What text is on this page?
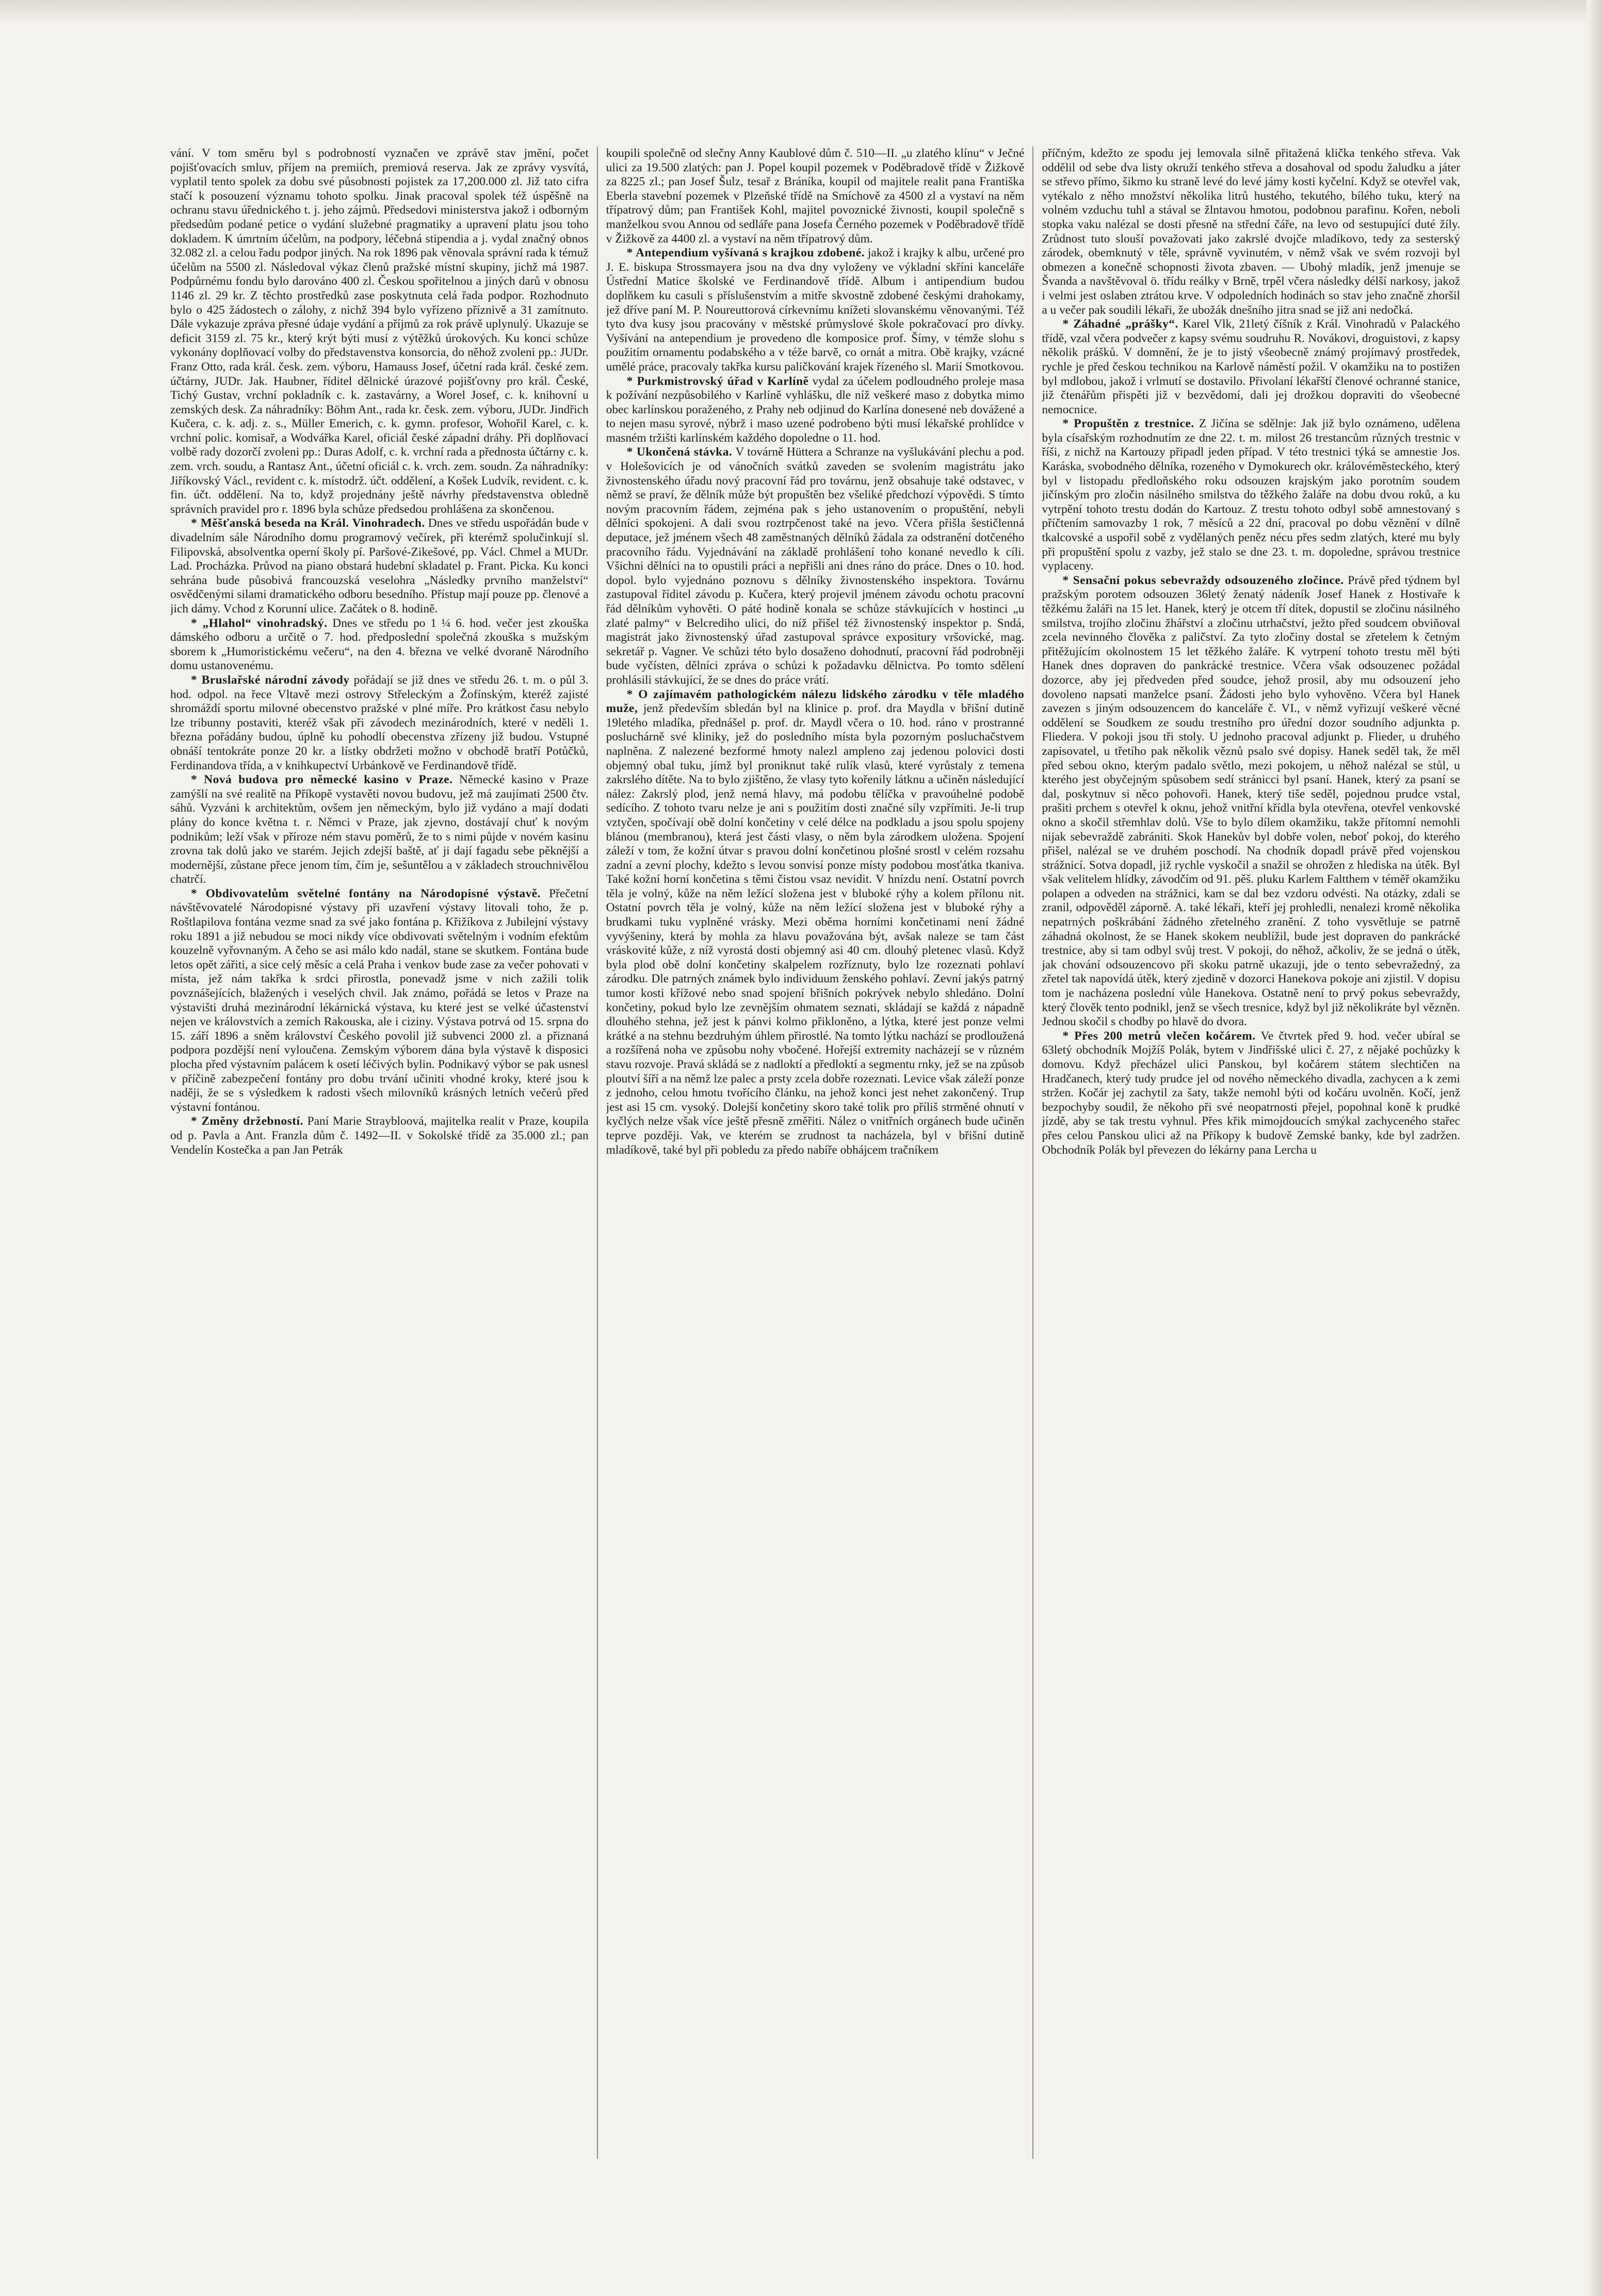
vání. V tom směru byl s podrobností vyznačen ve zprávě stav jmění, počet pojišťovacích smluv, příjem na premiích, premiová reserva. Jak ze zprávy vysvítá, vyplatil tento spolek za dobu své působnosti pojistek za 17,200.000 zl. Již tato cifra stačí k posouzení významu tohoto spolku. Jinak pracoval spolek též úspěšně na ochranu stavu úřednického t. j. jeho zájmů. Předsedovi ministerstva jakož i odborným předsedům podané petice o vydání služebné pragmatiky a upravení platu jsou toho dokladem. K úmrtním účelům, na podpory, léčebná stipendia a j. vydal značný obnos 32.082 zl. a celou řadu podpor jiných. Na rok 1896 pak věnovala správní rada k témuž účelům na 5500 zl. Následoval výkaz členů pražské místní skupiny, jichž má 1987. Podpůrnému fondu bylo darováno 400 zl. Českou spořitelnou a jiných darů v obnosu 1146 zl. 29 kr. Z těchto prostředků zase poskytnuta celá řada podpor. Rozhodnuto bylo o 425 žádostech o zálohy, z nichž 394 bylo vyřízeno příznivě a 31 zamítnuto. Dále vykazuje zpráva přesné údaje vydání a příjmů za rok právě uplynulý. Ukazuje se deficit 3159 zl. 75 kr., který krýt býti musí z výtěžků úrokových. Ku konci schůze vykonány doplňovací volby do představenstva konsorcia, do něhož zvoleni pp.: JUDr. Franz Otto, rada král. česk. zem. výboru, Hamauss Josef, účetní rada král. české zem. účtárny, JUDr. Jak. Haubner, říditel dělnické úrazové pojišťovny pro král. České, Tichý Gustav, vrchní pokladník c. k. zastavárny, a Worel Josef, c. k. knihovní u zemských desk. Za náhradníky: Böhm Ant., rada kr. česk. zem. výboru, JUDr. Jindřich Kučera, c. k. adj. z. s., Müller Emerich, c. k. gymn. profesor, Wohořil Karel, c. k. vrchní polic. komisař, a Wodvářka Karel, oficiál české západní dráhy. Při doplňovací volbě rady dozorčí zvoleni pp.: Duras Adolf, c. k. vrchní rada a přednosta účtárny c. k. zem. vrch. soudu, a Rantasz Ant., účetní oficiál c. k. vrch. zem. soudn. Za náhradníky: Jiříkovský Václ., revident c. k. místodrž. účt. oddělení, a Košek Ludvík, revident. c. k. fin. účt. oddělení. Na to, když projednány ještě návrhy představenstva obledně správních pravidel pro r. 1896 byla schůze předsedou prohlášena za skončenou.

* Měšťanská beseda na Král. Vinohradech. Dnes ve středu uspořádán bude v divadelním sále Národního domu programový večírek, při kterémž spolučinkují sl. Filipovská, absolventka operní školy pí. Paršové-Zikešové, pp. Václ. Chmel a MUDr. Lad. Procházka. Průvod na piano obstará hudební skladatel p. Frant. Picka. Ku konci sehrána bude působivá francouzská veselohra „Následky prvního manželství“ osvědčenými silami dramatického odboru besedního. Přístup mají pouze pp. členové a jich dámy. Vchod z Korunní ulice. Začátek o 8. hodině.

* „Hlahol“ vinohradský. Dnes ve středu po 1 ¼ 6. hod. večer jest zkouška dámského odboru a určitě o 7. hod. předposlední společná zkouška s mužským sborem k „Humoristickému večeru“, na den 4. března ve velké dvoraně Národního domu ustanovenému.

* Bruslařské národní závody pořádají se již dnes ve středu 26. t. m. o půl 3. hod. odpol. na řece Vltavě mezi ostrovy Střeleckým a Žofínským, kteréž zajisté shromáždí sportu milovné obecenstvo pražské v plné míře. Pro krátkost času nebylo lze tribunny postaviti, kteréž však při závodech mezinárodních, které v neděli 1. března pořádány budou, úplně ku pohodlí obecenstva zřízeny již budou. Vstupné obnáší tentokráte ponze 20 kr. a lístky obdržeti možno v obchodě bratří Potůčků, Ferdinandova třída, a v knihkupectví Urbánkově ve Ferdinandově třídě.

* Nová budova pro německé kasino v Praze. Německé kasino v Praze zamýšlí na své realitě na Příkopě vystavěti novou budovu, jež má zaujímati 2500 čtv. sáhů. Vyzváni k architektům, ovšem jen německým, bylo již vydáno a mají dodati plány do konce května t. r. Němci v Praze, jak zjevno, dostávají chuť k novým podnikům; leží však v příroze ném stavu poměrů, že to s nimi půjde v novém kasinu zrovna tak dolů jako ve starém. Jejich zdejší baště, ať ji dají fagadu sebe pěknější a modernější, zůstane přece jenom tím, čím je, sešuntělou a v základech strouchnivělou chatrčí.

* Obdivovatelům světelné fontány na Národopisné výstavě. Přečetní návštěvovatelé Národopisné výstavy při uzavření výstavy litovali toho, že p. Roštlapilova fontána vezme snad za své jako fontána p. Křižíkova z Jubilejní výstavy roku 1891 a již nebudou se moci nikdy více obdivovati světelným i vodním efektům kouzelně vyřovnaným. A čeho se asi málo kdo nadál, stane se skutkem. Fontána bude letos opět zářiti, a sice celý měsíc a celá Praha i venkov bude zase za večer pohovati v místa, jež nám takřka k srdci přirostla, ponevadž jsme v nich zažili tolik povznášejících, blažených i veselých chvil. Jak známo, pořádá se letos v Praze na výstavišti druhá mezinárodní lékárnická výstava, ku které jest se velké účastenství nejen ve královstvích a zemích Rakouska, ale i ciziny. Výstava potrvá od 15. srpna do 15. září 1896 a sněm království Českého povolil již subvenci 2000 zl. a přiznaná podpora pozdější není vyloučena. Zemským výborem dána byla výstavě k disposici plocha před výstavním palácem k osetí léčivých bylin. Podnikavý výbor se pak usnesl v příčině zabezpečení fontány pro dobu trvání učiniti vhodné kroky, které jsou k naději, že se s výsledkem k radosti všech milovníků krásných letních večerů před výstavní fontánou.

* Změny držebností. Paní Marie Straybloová, majitelka realit v Praze, koupila od p. Pavla a Ant. Franzla dům č. 1492—II. v Sokolské třídě za 35.000 zl.; pan Vendelín Kostečka a pan Jan Petrák

koupili společně od slečny Anny Kaublové dům č. 510—II. „u zlatého klínu“ v Ječné ulici za 19.500 zlatých: pan J. Popel koupil pozemek v Poděbradově třídě v Žižkově za 8225 zl.; pan Josef Šulz, tesař z Bráníka, koupil od majitele realit pana Františka Eberla stavební pozemek v Plzeňské třídě na Smíchově za 4500 zl a vystaví na něm třípatrový dům; pan František Kohl, majitel povoznické živnosti, koupil společně s manželkou svou Annou od sedláře pana Josefa Černého pozemek v Poděbradově třídě v Žižkově za 4400 zl. a vystaví na něm třípatrový dům.

* Antependium vyšívaná s krajkou zdobené. jakož i krajky k albu, určené pro J. E. biskupa Strossmayera jsou na dva dny vyloženy ve výkladní skříni kanceláře Ústřední Matice školské ve Ferdinandově třídě. Album i antipendium budou doplňkem ku casuli s příslušenstvím a mitře skvostně zdobené českými drahokamy, jež dříve paní M. P. Noureuttorová církevnímu knížeti slovanskému věnovanými. Též tyto dva kusy jsou pracovány v městské průmyslové škole pokračovací pro dívky. Vyšívání na antependium je provedeno dle komposice prof. Šímy, v témže slohu s použitím ornamentu podabského a v téže barvě, co ornát a mitra. Obě krajky, vzácné umělé práce, pracovaly takřka kursu paličkování krajek řízeného sl. Marií Smotkovou.

* Purkmistrovský úřad v Karlíně vydal za účelem podloudného proleje masa k požívání nezpůsobilého v Karlíně vyhlášku, dle níž veškeré maso z dobytka mimo obec karlínskou poraženého, z Prahy neb odjinud do Karlína donesené neb dovážené a to nejen masu syrové, nýbrž i maso uzené podrobeno býti musí lékařské prohlídce v masném tržišti karlínském každého dopoledne o 11. hod.

* Ukončená stávka. V továrně Hüttera a Schranze na vyšlukávání plechu a pod. v Holešovicích je od vánočních svátků zaveden se svolením magistrátu jako živnostenského úřadu nový pracovní řád pro továrnu, jenž obsahuje také odstavec, v němž se praví, že dělník může být propuštěn bez všeliké předchozí výpovědi. S tímto novým pracovním řádem, zejména pak s jeho ustanovením o propuštění, nebyli dělníci spokojeni. A dali svou roztrpčenost také na jevo. Včera přišla šestičlenná deputace, jež jménem všech 48 zaměstnaných dělníků žádala za odstranění dotčeného pracovního řádu. Vyjednávání na základě prohlášení toho konané nevedlo k cíli. Všichni dělníci na to opustili práci a nepřišli ani dnes ráno do práce. Dnes o 10. hod. dopol. bylo vyjednáno poznovu s dělníky živnostenského inspektora. Továrnu zastupoval říditel závodu p. Kučera, který projevil jménem závodu ochotu pracovní řád dělníkům vyhověti. O páté hodině konala se schůze stávkujících v hostinci „u zlaté palmy“ v Belcrediho ulici, do níž přišel též živnostenský inspektor p. Sndá, magistrát jako živnostenský úřad zastupoval správce expositury vršovické, mag. sekretář p. Vagner. Ve schůzi této bylo dosaženo dohodnutí, pracovní řád podrobněji bude vyčísten, dělníci zpráva o schůzi k požadavku dělnictva. Po tomto sdělení prohlásili stávkující, že se dnes do práce vrátí.

* O zajímavém pathologickém nálezu lidského zárodku v těle mladého muže, jenž především sbledán byl na klinice p. prof. dra Maydla v břišní dutině 19letého mladíka, přednášel p. prof. dr. Maydl včera o 10. hod. ráno v prostranné posluchárně své kliniky, jež do posledního místa byla pozorným posluchačstvem naplněna. Z nalezené bezformé hmoty nalezl ampleno zaj jedenou polovici dosti objemný obal tuku, jímž byl proniknut také rulík vlasů, které vyrůstaly z temena zakrslého dítěte. Na to bylo zjištěno, že vlasy tyto kořenily látknu a učiněn následující nález: Zakrslý plod, jenž nemá hlavy, má podobu tělíčka v pravoúhelné podobě sedícího. Z tohoto tvaru nelze je ani s použitím dosti značné síly vzpřímiti. Je-li trup vztyčen, spočívají obě dolní končetiny v celé délce na podkladu a jsou spolu spojeny blánou (membranou), která jest části vlasy, o něm byla zárodkem uložena. Spojení záleží v tom, že kožní útvar s pravou dolní končetinou plošné srostl v celém rozsahu zadní a zevní plochy, kdežto s levou sonvisí ponze místy podobou mosťátka tkaniva. Také kožní horní končetina s těmi čistou vsaz nevidit. V hnízdu není. Ostatní povrch těla je volný, kůže na něm ležící složena jest v bluboké rýhy a kolem přílonu nit. Ostatní povrch těla je volný, kůže na něm ležící složena jest v bluboké rýhy a brudkami tuku vyplněné vrásky. Mezi oběma horními končetinami není žádné vyvýšeniny, která by mohla za hlavu považována být, avšak naleze se tam část vráskovité kůže, z níž vyrostá dosti objemný asi 40 cm. dlouhý pletenec vlasů. Když byla plod obě dolní končetiny skalpelem rozříznuty, bylo lze rozeznati pohlaví zárodku. Dle patrných známek bylo individuum ženského pohlaví. Zevní jakýs patrný tumor kosti křížové nebo snad spojení břišních pokrývek nebylo shledáno. Dolní končetiny, pokud bylo lze zevnějším ohmatem seznati, skládají se každá z nápadně dlouhého stehna, jež jest k pánvi kolmo přikloněno, a lýtka, které jest ponze velmi krátké a na stehnu bezdruhým úhlem přirostlé. Na tomto lýtku nachází se prodloužená a rozšířená noha ve způsobu nohy vbočené. Hořejší extremity nacházejí se v různém stavu rozvoje. Pravá skládá se z nadloktí a předloktí a segmentu rnky, jež se na způsob ploutví šíří a na němž lze palec a prsty zcela dobře rozeznati. Levice však záleží ponze z jednoho, celou hmotu tvořícího článku, na jehož konci jest nehet zakončený. Trup jest asi 15 cm. vysoký. Dolejší končetiny skoro také tolik pro příliš strměné ohnutí v kyčlých nelze však více ještě přesně změřiti. Nález o vnitřních orgánech bude učiněn teprve později. Vak, ve kterém se zrudnost ta nacházela, byl v břišní dutině mladíkově, také byl při pobledu za předo nabíře obhájcem tračníkem

příčným, kdežto ze spodu jej lemovala silně přitažená klička tenkého střeva. Vak oddělil od sebe dva listy okruží tenkého střeva a dosahoval od spodu žaludku a játer se střevo přímo, šikmo ku straně levé do levé jámy kosti kyčelní. Když se otevřel vak, vytékalo z něho množství několika litrů hustého, tekutého, bílého tuku, který na volném vzduchu tuhl a stával se žlntavou hmotou, podobnou parafinu. Kořen, neboli stopka vaku nalézal se dosti přesně na střední čáře, na levo od sestupující duté žíly. Zrůdnost tuto slouší považovati jako zakrslé dvojče mladíkovo, tedy za sesterský zárodek, obemknutý v těle, správně vyvinutém, v němž však ve svém rozvoji byl obmezen a konečně schopnosti života zbaven. — Ubohý mladík, jenž jmenuje se Švanda a navštěvoval ö. třídu reálky v Brně, trpěl včera následky délší narkosy, jakož i velmi jest oslaben ztrátou krve. V odpoledních hodinách so stav jeho značně zhoršil a u večer pak soudili lékaři, že ubožák dnešního jitra snad se již ani nedočká.

* Záhadné „prášky“. Karel Vlk, 21letý číšník z Král. Vinohradů v Palackého třídě, vzal včera podvečer z kapsy svému soudruhu R. Novákovi, droguistovi, z kapsy několik prášků. V domnění, že je to jistý všeobecně známý projímavý prostředek, rychle je před českou technikou na Karlově náměstí požil. V okamžiku na to postižen byl mdlobou, jakož i vrlmutí se dostavilo. Přivolaní lékařští členové ochranné stanice, již čtenářům přispěti již v bezvědomí, dali jej drožkou dopraviti do všeobecné nemocnice.

* Propuštěn z trestnice. Z Jičína se sdělnje: Jak již bylo oznámeno, udělena byla císařským rozhodnutím ze dne 22. t. m. milost 26 trestancům různých trestnic v říši, z nichž na Kartouzy připadl jeden případ. V této trestnici týká se amnestie Jos. Karáska, svobodného dělníka, rozeného v Dymokurech okr. královéměsteckého, který byl v listopadu předloňského roku odsouzen krajským jako porotním soudem jičínským pro zločin násilného smilstva do těžkého žaláře na dobu dvou roků, a ku vytrpění tohoto trestu dodán do Kartouz. Z trestu tohoto odbyl sobě amnestovaný s příčtením samovazby 1 rok, 7 měsíců a 22 dní, pracoval po dobu věznění v dílně tkalcovské a uspořil sobě z vydělaných peněz nécu přes sedm zlatých, které mu byly při propuštění spolu z vazby, jež stalo se dne 23. t. m. dopoledne, správou trestnice vyplaceny.

* Sensační pokus sebevraždy odsouzeného zločince. Právě před týdnem byl pražským porotem odsouzen 36letý ženatý nádeník Josef Hanek z Hostivaře k těžkému žaláři na 15 let. Hanek, který je otcem tří dítek, dopustil se zločinu násilného smilstva, trojího zločinu žhářství a zločinu utrhačství, ježto před soudcem obviňoval zcela nevinného člověka z paličství. Za tyto zločiny dostal se zřetelem k četným přitěžujícím okolnostem 15 let těžkého žaláře. K vytrpení tohoto trestu měl býti Hanek dnes dopraven do pankrácké trestnice. Včera však odsouzenec požádal dozorce, aby jej předveden před soudce, jehož prosil, aby mu odsouzení jeho dovoleno napsati manželce psaní. Žádosti jeho bylo vyhověno. Včera byl Hanek zavezen s jiným odsouzencem do kanceláře č. VI., v němž vyřizují veškeré věcné oddělení se Soudkem ze soudu trestního pro úřední dozor soudního adjunkta p. Fliedera. V pokoji jsou tři stoly. U jednoho pracoval adjunkt p. Flieder, u druhého zapisovatel, u třetího pak několik věznů psalo své dopisy. Hanek seděl tak, že měl před sebou okno, kterým padalo světlo, mezi pokojem, u něhož nalézal se stůl, u kterého jest obyčejným spůsobem sedí stránicci byl psaní. Hanek, který za psaní se dal, poskytnuv si něco pohovoři. Hanek, který tiše seděl, pojednou prudce vstal, prašiti prchem s otevřel k oknu, jehož vnitřní křídla byla otevřena, otevřel venkovské okno a skočil střemhlav dolů. Vše to bylo dílem okamžiku, takže přítomní nemohli nijak sebevraždě zabrániti. Skok Hanekův byl dobře volen, neboť pokoj, do kterého přišel, nalézal se ve druhém poschodí. Na chodník dopadl právě před vojenskou strážnicí. Sotva dopadl, již rychle vyskočil a snažil se ohrožen z hlediska na útěk. Byl však velitelem hlídky, závodčím od 91. pěš. pluku Karlem Faltthem v téměř okamžiku polapen a odveden na strážnici, kam se dal bez vzdoru odvésti. Na otázky, zdali se zranil, odpověděl záporně. A. také lékaři, kteří jej prohledli, nenalezi kromě několika nepatrných poškrábání žádného zřetelného zranění. Z toho vysvětluje se patrně záhadná okolnost, že se Hanek skokem neublížil, bude jest dopraven do pankrácké trestnice, aby si tam odbyl svůj trest. V pokoji, do něhož, ačkoliv, že se jedná o útěk, jak chování odsouzencovo při skoku patrně ukazuji, jde o tento sebevražedný, za zřetel tak napovídá útěk, který zjedině v dozorci Hanekova pokoje ani zjistil. V dopisu tom je nacházena poslední vůle Hanekova. Ostatně není to prvý pokus sebevraždy, který člověk tento podnikl, jenž se všech tresnice, když byl již několikráte byl vězněn. Jednou skočil s chodby po hlavě do dvora.

* Přes 200 metrů vlečen kočárem. Ve čtvrtek před 9. hod. večer ubíral se 63letý obchodník Mojžíš Polák, bytem v Jindřišské ulici č. 27, z nějaké pochůzky k domovu. Když přecházel ulici Panskou, byl kočárem státem slechtičen na Hradčanech, který tudy prudce jel od nového německého divadla, zachycen a k zemi stržen. Kočár jej zachytil za šaty, takže nemohl býti od kočáru uvolněn. Kočí, jenž bezpochyby soudil, že někoho při své neopatrnosti přejel, popohnal koně k prudké jízdě, aby se tak trestu vyhnul. Přes křik mimojdoucích smýkal zachyceného stařec přes celou Panskou ulici až na Příkopy k budově Zemské banky, kde byl zadržen. Obchodník Polák byl převezen do lékárny pana Lercha u
